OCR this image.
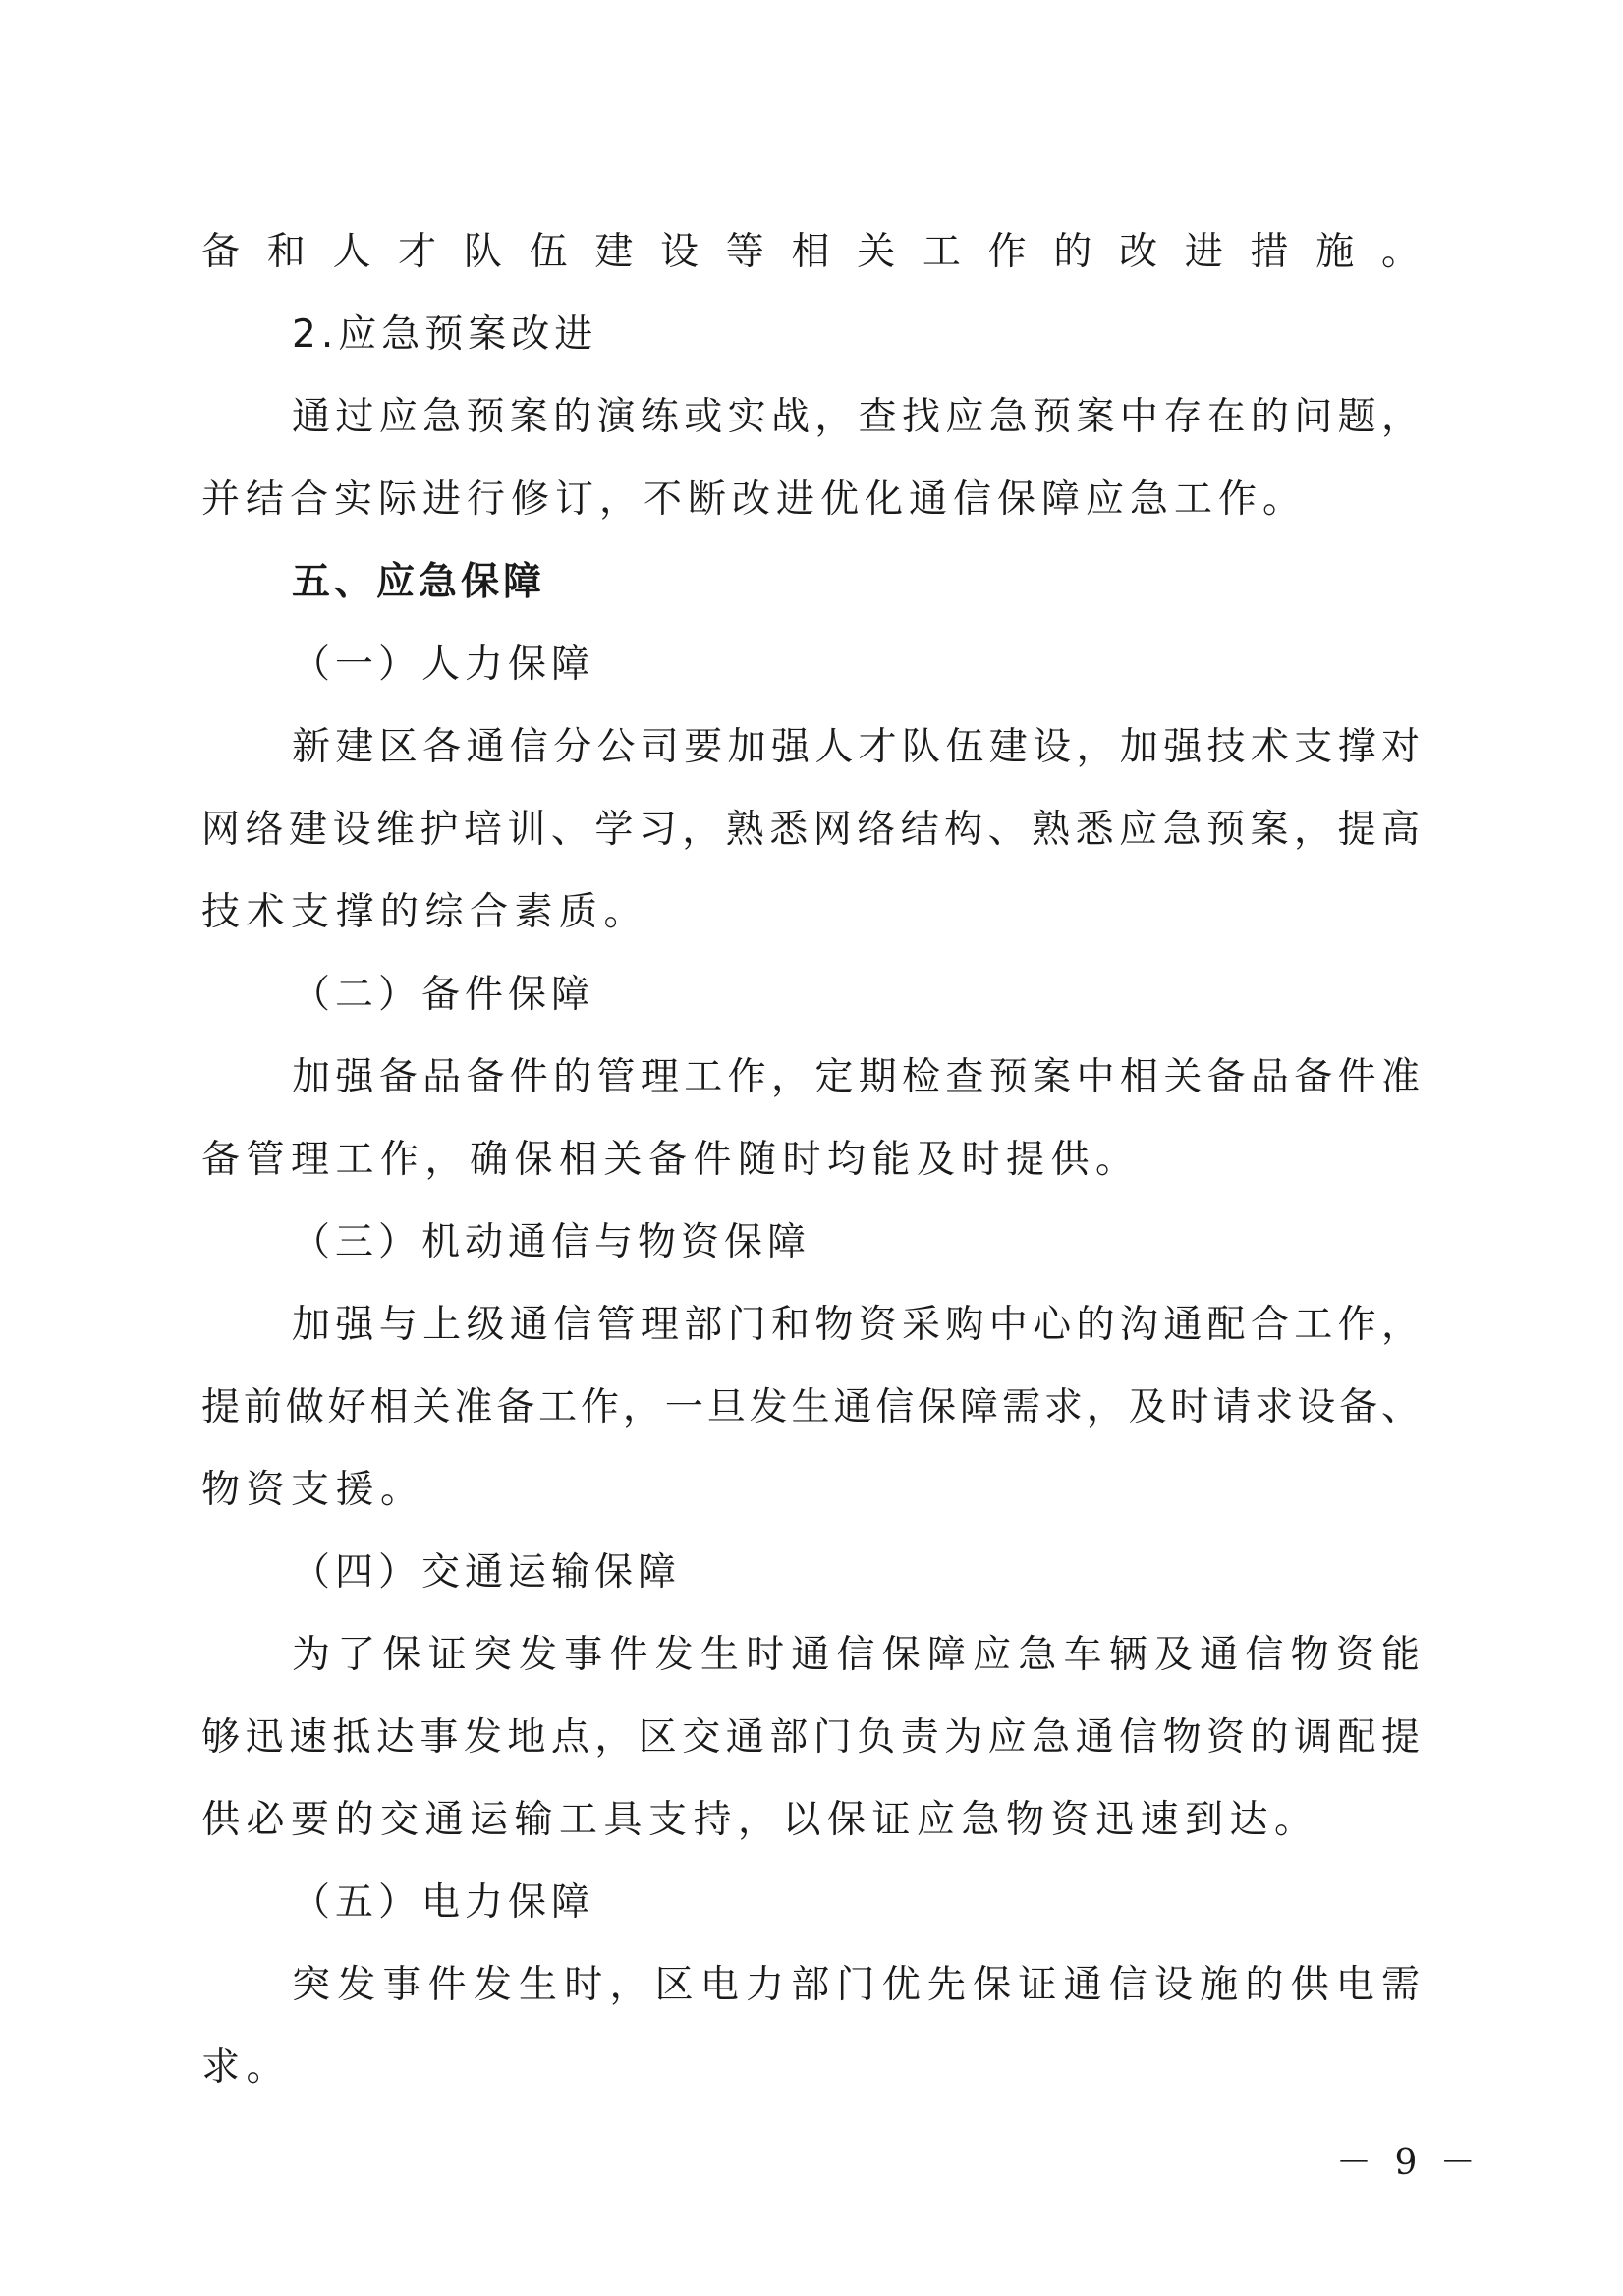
备和人才队伍建设等相关工作的改进措施。
2.应急预案改进
通过应急预案的演练或实战，查找应急预案中存在的问题，
并结合实际进行修订，不断改进优化通信保障应急工作。
五、应急保障
（一）人力保障
新建区各通信分公司要加强人才队伍建设，加强技术支撑对
网络建设维护培训、学习，熟悉网络结构、熟悉应急预案，提高
技术支撑的综合素质。
（二）备件保障
加强备品备件的管理工作，定期检查预案中相关备品备件准
备管理工作，确保相关备件随时均能及时提供。
（三）机动通信与物资保障
加强与上级通信管理部门和物资采购中心的沟通配合工作，
提前做好相关准备工作，一旦发生通信保障需求，及时请求设备、
物资支援。
（四）交通运输保障
为了保证突发事件发生时通信保障应急车辆及通信物资能
够迅速抵达事发地点，区交通部门负责为应急通信物资的调配提
供必要的交通运输工具支持，以保证应急物资迅速到达。
（五）电力保障
突发事件发生时，区电力部门优先保证通信设施的供电需
求。
－ 9 －
